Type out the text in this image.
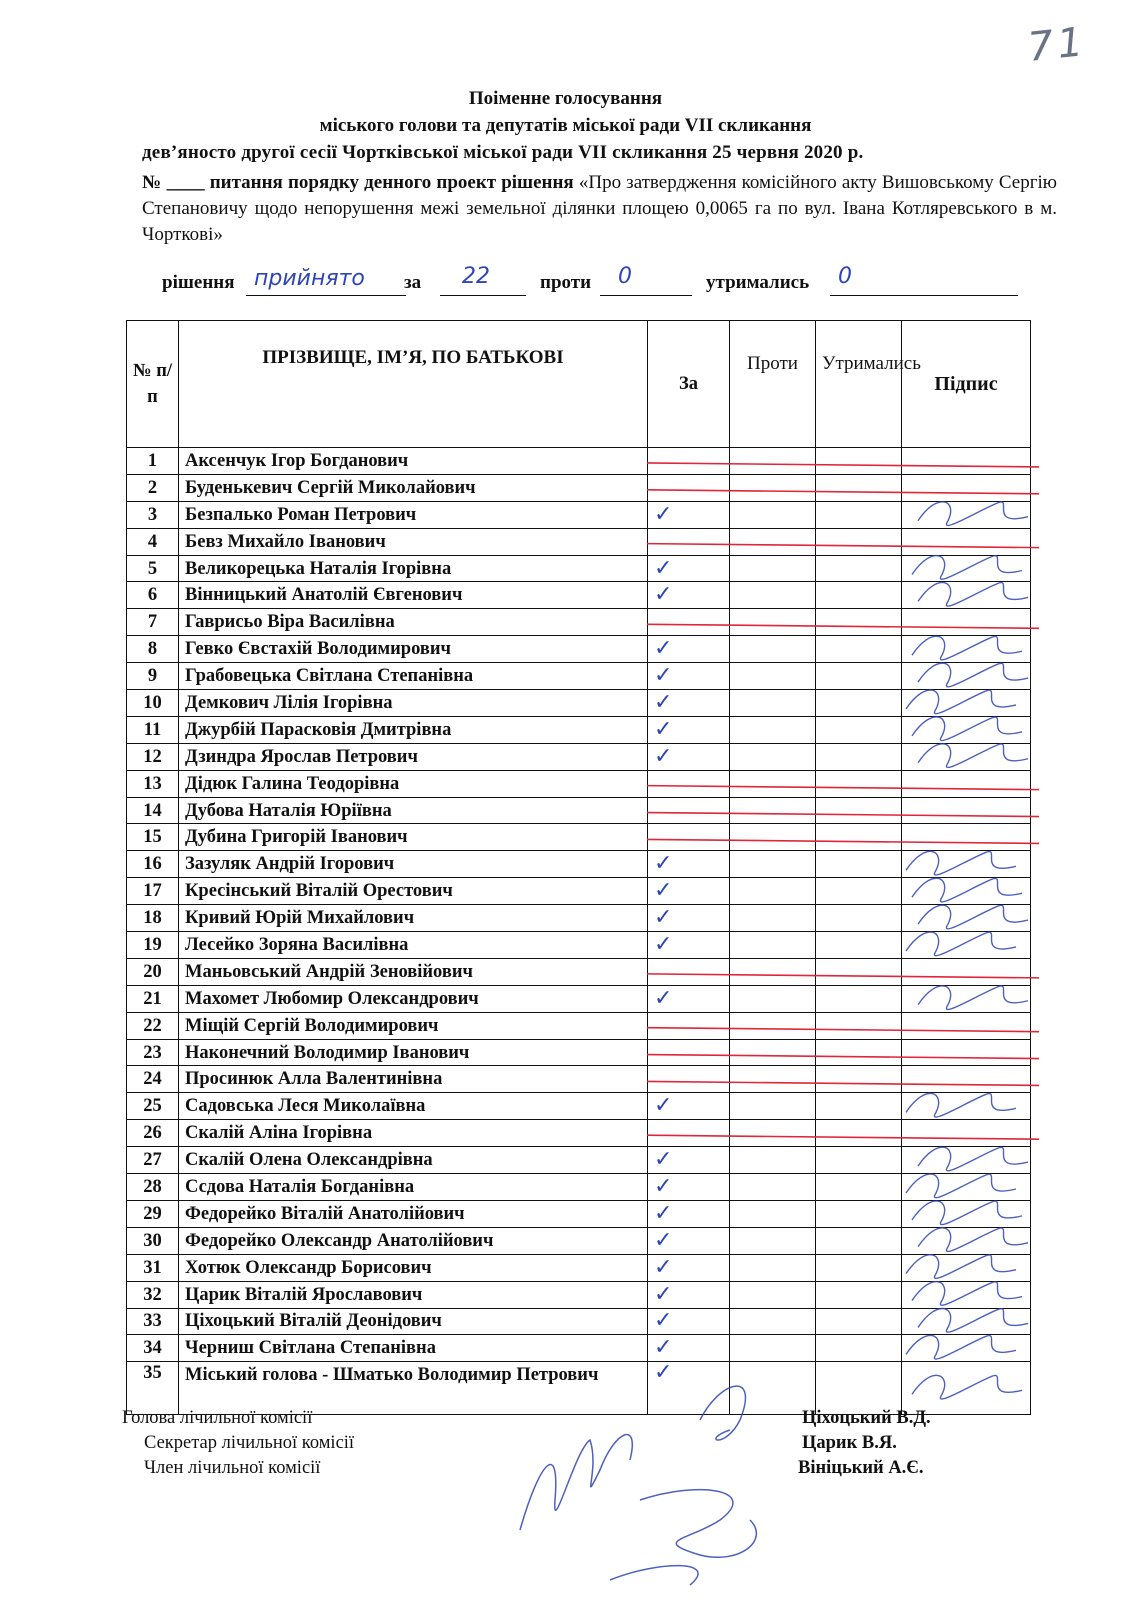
71
Поіменне голосування
міського голови та депутатів міської ради VII скликання
дев’яносто другої сесії Чортківської міської ради VII скликання 25 червня 2020 р.
№ ____ питання порядку денного проект рішення «Про затвердження комісійного акту Вишовському Сергію Степановичу щодо непорушення межі земельної ділянки площею 0,0065 га по вул. Івана Котляревського в м. Чорткові»
рішення прийнято за 22	проти 0	утримались 0
№ п/п	ПРІЗВИЩЕ, ІМ’Я, ПО БАТЬКОВІ	За	Проти	Утримались	Підпис
1	Аксенчук Ігор Богданович				
2	Буденькевич Сергій Миколайович				
3	Безпалько Роман Петрович	✓			
4	Бевз Михайло Іванович				
5	Великорецька Наталія Ігорівна	✓			
6	Вінницький Анатолій Євгенович	✓			
7	Гаврисьо Віра Василівна				
8	Гевко Євстахій Володимирович	✓			
9	Грабовецька Світлана Степанівна	✓			
10	Демкович Лілія Ігорівна	✓			
11	Джурбій Парасковія Дмитрівна	✓			
12	Дзиндра Ярослав Петрович	✓			
13	Дідюк Галина Теодорівна				
14	Дубова Наталія Юріївна				
15	Дубина Григорій Іванович				
16	Зазуляк Андрій Ігорович	✓			
17	Кресінський Віталій Орестович	✓			
18	Кривий Юрій Михайлович	✓			
19	Лесейко Зоряна Василівна	✓			
20	Маньовський Андрій Зеновійович				
21	Махомет Любомир Олександрович	✓			
22	Міщій Сергій Володимирович				
23	Наконечний Володимир Іванович				
24	Просинюк Алла Валентинівна				
25	Садовська Леся Миколаївна	✓			
26	Скалій Аліна Ігорівна				
27	Скалій Олена Олександрівна	✓			
28	Ссдова Наталія Богданівна	✓			
29	Федорейко Віталій Анатолійович	✓			
30	Федорейко Олександр Анатолійович	✓			
31	Хотюк Олександр Борисович	✓			
32	Царик Віталій Ярославович	✓			
33	Ціхоцький Віталій Деонідович	✓			
34	Черниш Світлана Степанівна	✓			
35	Міський голова - Шматько Володимир Петрович	✓			
Голова лічильної комісії
Секретар лічильної комісії
Член лічильної комісії
Ціхоцький В.Д.
Царик В.Я.
Вініцький А.Є.
